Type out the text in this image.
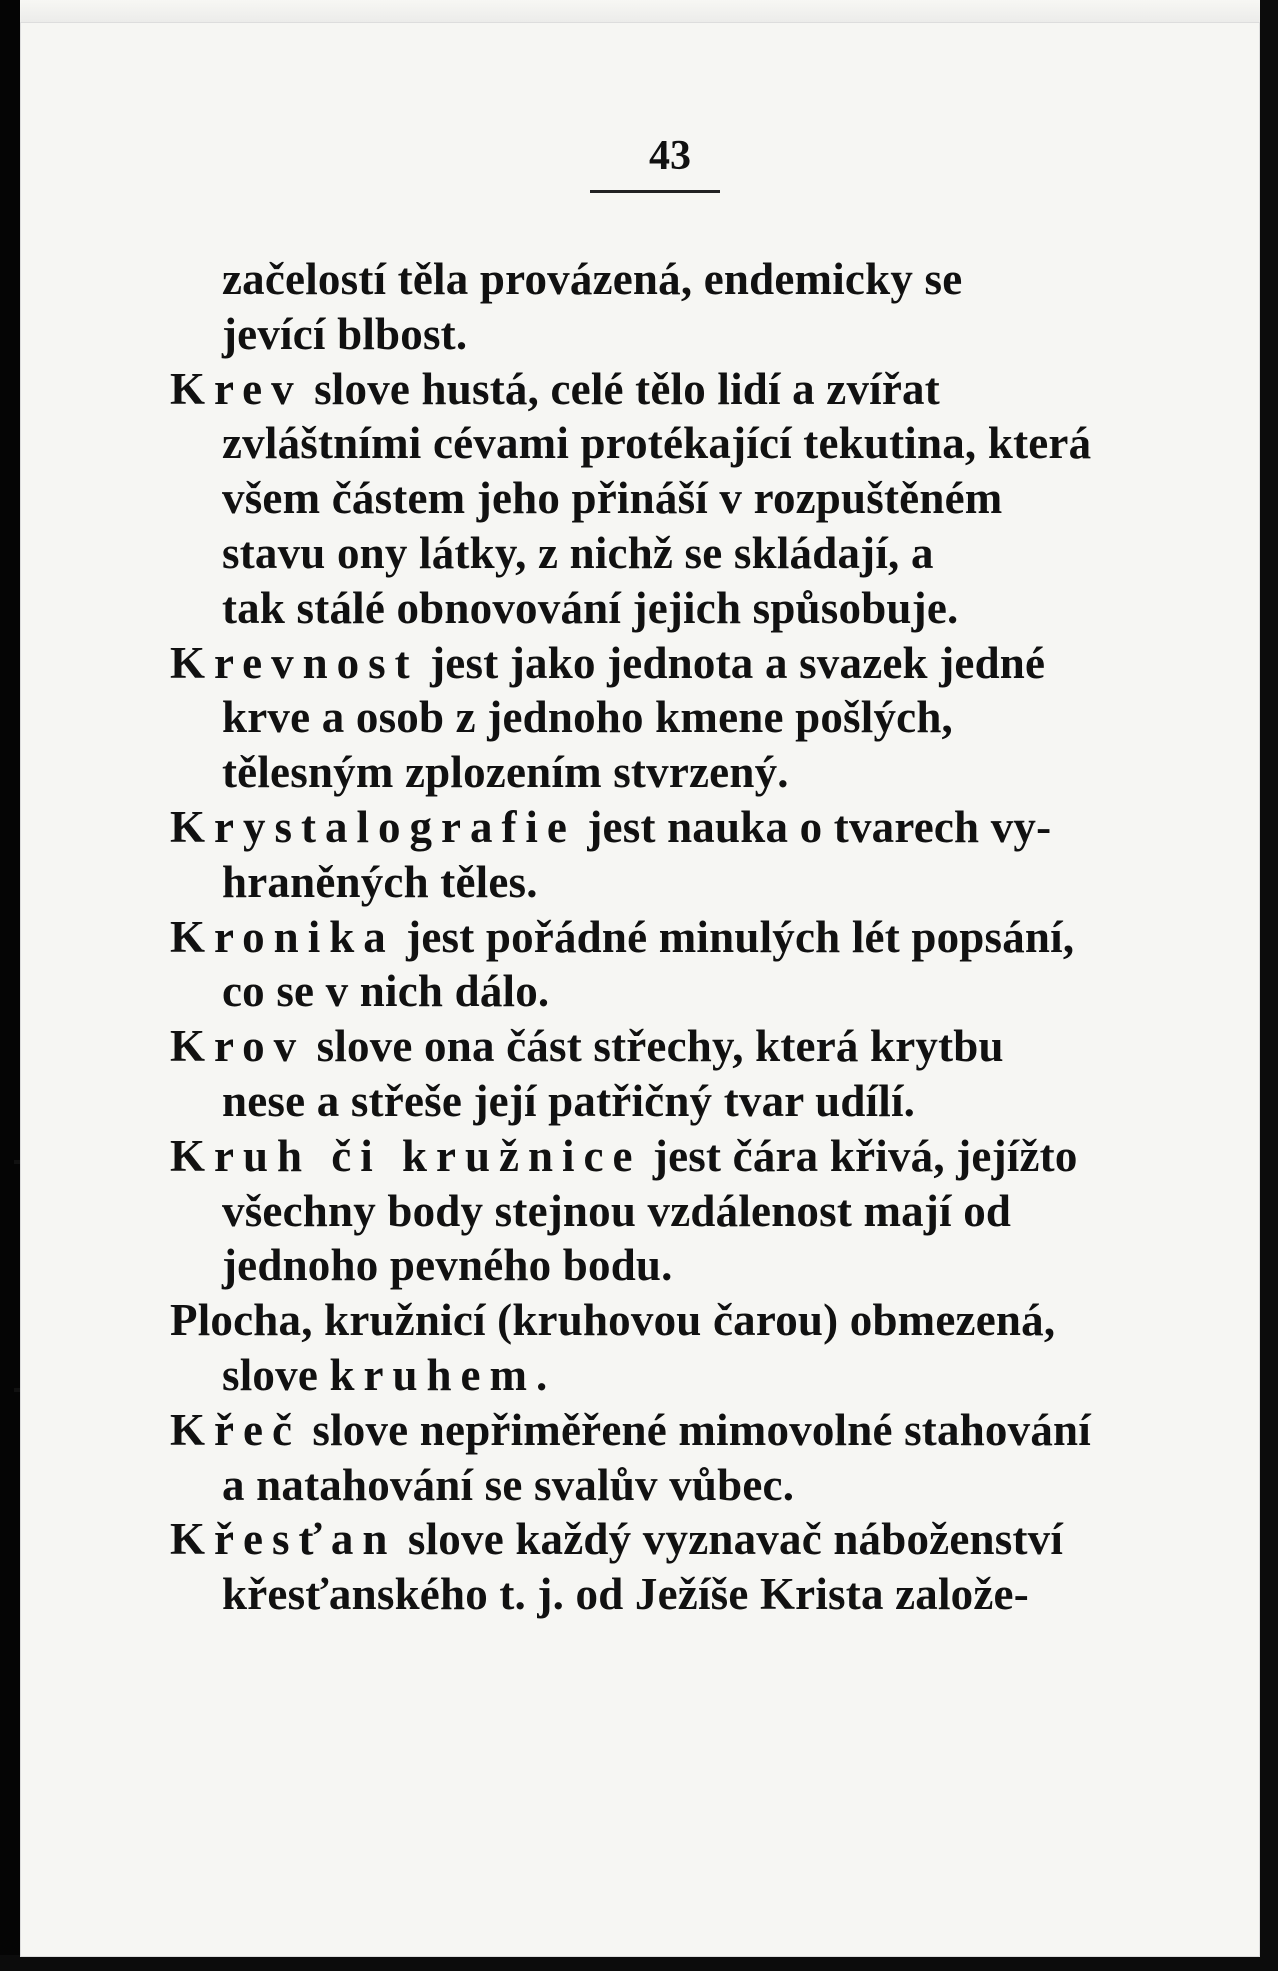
43
začelostí těla provázená, endemicky se
jevící blbost.
Krev slove hustá, celé tělo lidí a zvířat
zvláštními cévami protékající tekutina, která
všem částem jeho přináší v rozpuštěném
stavu ony látky, z nichž se skládají, a
tak stálé obnovování jejich spůsobuje.
Krevnost jest jako jednota a svazek jedné
krve a osob z jednoho kmene pošlých,
tělesným zplozením stvrzený.
Krystalografie jest nauka o tvarech vy-
hraněných těles.
Kronika jest pořádné minulých lét popsání,
co se v nich dálo.
Krov slove ona část střechy, která krytbu
nese a střeše její patřičný tvar udílí.
Kruh či kružnice jest čára křivá, jejížto
všechny body stejnou vzdálenost mají od
jednoho pevného bodu.
Plocha, kružnicí (kruhovou čarou) obmezená,
slove kruhem.
Křeč slove nepřiměřené mimovolné stahování
a natahování se svalův vůbec.
Křesťan slove každý vyznavač náboženství
křesťanského t. j. od Ježíše Krista založe-
